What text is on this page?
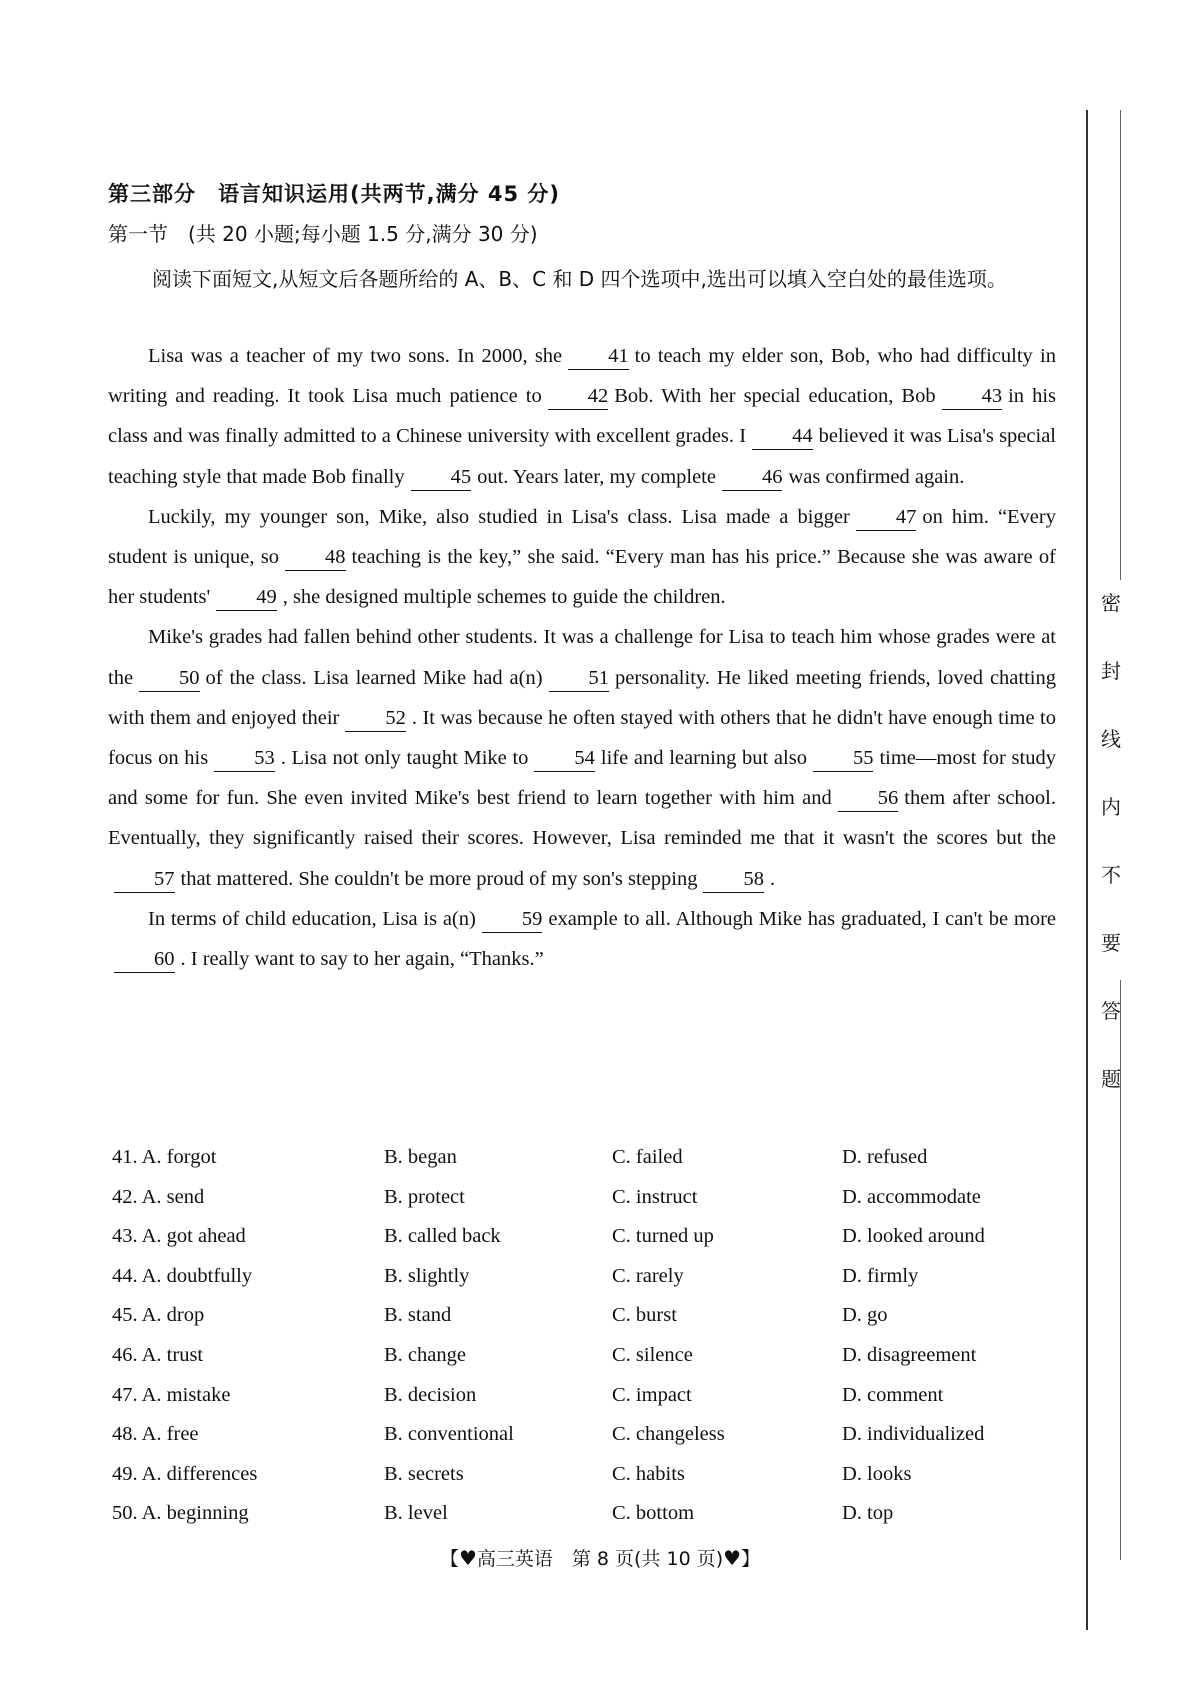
第三部分　语言知识运用(共两节,满分 45 分)
第一节　(共 20 小题;每小题 1.5 分,满分 30 分)
阅读下面短文,从短文后各题所给的 A、B、C 和 D 四个选项中,选出可以填入空白处的最佳选项。

Lisa was a teacher of my two sons. In 2000, she 41 to teach my elder son, Bob, who had difficulty in writing and reading. It took Lisa much patience to 42 Bob. With her special education, Bob 43 in his class and was finally admitted to a Chinese university with excellent grades. I 44 believed it was Lisa's special teaching style that made Bob finally 45 out. Years later, my complete 46 was confirmed again.

Luckily, my younger son, Mike, also studied in Lisa's class. Lisa made a bigger 47 on him. “Every student is unique, so 48 teaching is the key,” she said. “Every man has his price.” Because she was aware of her students' 49 , she designed multiple schemes to guide the children.

Mike's grades had fallen behind other students. It was a challenge for Lisa to teach him whose grades were at the 50 of the class. Lisa learned Mike had a(n) 51 personality. He liked meeting friends, loved chatting with them and enjoyed their 52 . It was because he often stayed with others that he didn't have enough time to focus on his 53 . Lisa not only taught Mike to 54 life and learning but also 55 time—most for study and some for fun. She even invited Mike's best friend to learn together with him and 56 them after school. Eventually, they significantly raised their scores. However, Lisa reminded me that it wasn't the scores but the57 that mattered. She couldn't be more proud of my son's stepping 58 .

In terms of child education, Lisa is a(n) 59 example to all. Although Mike has graduated, I can't be more60 . I really want to say to her again, “Thanks.”

41. A. forgot	B. began	C. failed	D. refused
42. A. send	B. protect	C. instruct	D. accommodate
43. A. got ahead	B. called back	C. turned up	D. looked around
44. A. doubtfully	B. slightly	C. rarely	D. firmly
45. A. drop	B. stand	C. burst	D. go
46. A. trust	B. change	C. silence	D. disagreement
47. A. mistake	B. decision	C. impact	D. comment
48. A. free	B. conventional	C. changeless	D. individualized
49. A. differences	B. secrets	C. habits	D. looks
50. A. beginning	B. level	C. bottom	D. top
【♥高三英语　第 8 页(共 10 页)♥】
密
封
线
内
不
要
答
题
